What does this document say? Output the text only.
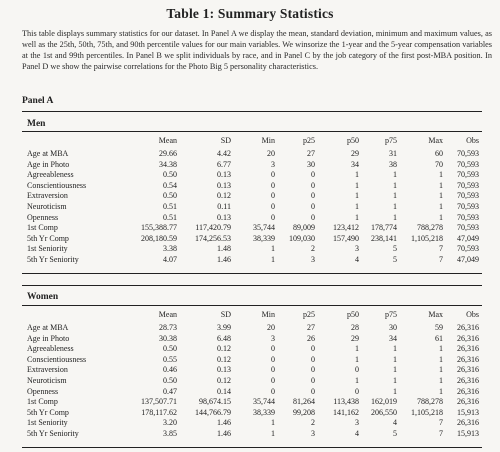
Table 1: Summary Statistics
This table displays summary statistics for our dataset. In Panel A we display the mean, standard deviation, minimum and maximum values, as well as the 25th, 50th, 75th, and 90th percentile values for our main variables. We winsorize the 1-year and the 5-year compensation variables at the 1st and 99th percentiles. In Panel B we split individuals by race, and in Panel C by the job category of the first post-MBA position. In Panel D we show the pairwise correlations for the Photo Big 5 personality characteristics.
Panel A
Men
	Mean	SD	Min	p25	p50	p75	Max	Obs
Age at MBA	29.66	4.42	20	27	29	31	60	70,593
Age in Photo	34.38	6.77	3	30	34	38	70	70,593
Agreeableness	0.50	0.13	0	0	1	1	1	70,593
Conscientiousness	0.54	0.13	0	0	1	1	1	70,593
Extraversion	0.50	0.12	0	0	1	1	1	70,593
Neuroticism	0.51	0.11	0	0	1	1	1	70,593
Openness	0.51	0.13	0	0	1	1	1	70,593
1st Comp	155,388.77	117,420.79	35,744	89,009	123,412	178,774	788,278	70,593
5th Yr Comp	208,180.59	174,256.53	38,339	109,030	157,490	238,141	1,105,218	47,049
1st Seniority	3.38	1.48	1	2	3	5	7	70,593
5th Yr Seniority	4.07	1.46	1	3	4	5	7	47,049
Women
	Mean	SD	Min	p25	p50	p75	Max	Obs
Age at MBA	28.73	3.99	20	27	28	30	59	26,316
Age in Photo	30.38	6.48	3	26	29	34	61	26,316
Agreeableness	0.50	0.12	0	0	1	1	1	26,316
Conscientiousness	0.55	0.12	0	0	1	1	1	26,316
Extraversion	0.46	0.13	0	0	0	1	1	26,316
Neuroticism	0.50	0.12	0	0	1	1	1	26,316
Openness	0.47	0.14	0	0	0	1	1	26,316
1st Comp	137,507.71	98,674.15	35,744	81,264	113,438	162,019	788,278	26,316
5th Yr Comp	178,117.62	144,766.79	38,339	99,208	141,162	206,550	1,105,218	15,913
1st Seniority	3.20	1.46	1	2	3	4	7	26,316
5th Yr Seniority	3.85	1.46	1	3	4	5	7	15,913
